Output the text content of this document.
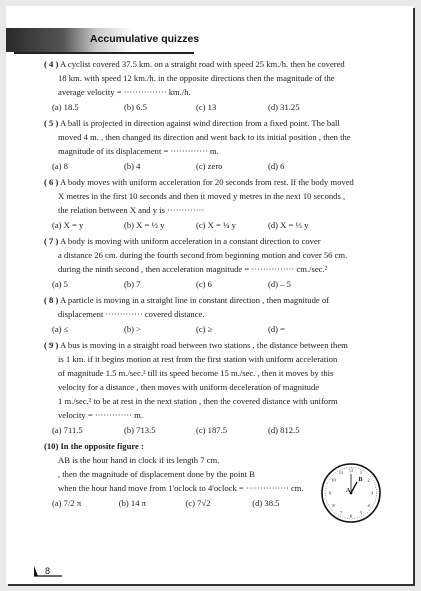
Accumulative quizzes

( 4 ) A cyclist covered 37.5 km. on a straight road with speed 25 km./h. then he covered

18 km. with speed 12 km./h. in the opposite directions then the magnitude of the

average velocity = ··············· km./h.

(a) 18.5	(b) 6.5	(c) 13	(d) 31.25

( 5 ) A ball is projected in direction against wind direction from a fixed point. The ball

moved 4 m. , then changed its direction and went back to its initial position , then the

magnitude of its displacement = ············· m.

(a) 8	(b) 4	(c) zero	(d) 6

( 6 ) A body moves with uniform acceleration for 20 seconds from rest. If the body moved

X metres in the first 10 seconds and then it moved y metres in the next 10 seconds ,

the relation between X and y is ·············

(a) X = y	(b) X = ½ y	(c) X = ¼ y	(d) X = ⅓ y

( 7 ) A body is moving with uniform acceleration in a constant direction to cover

a distance 26 cm. during the fourth second from beginning motion and cover 56 cm.

during the ninth second , then acceleration magnitude = ··············· cm./sec.²

(a) 5	(b) 7	(c) 6	(d) – 5

( 8 ) A particle is moving in a straight line in constant direction , then magnitude of

displacement ············· covered distance.

(a) ≤	(b) >	(c) ≥	(d) =

( 9 ) A bus is moving in a straight road between two stations , the distance between them

is 1 km. if it begins motion at rest from the first station with uniform acceleration

of magnitude 1.5 m./sec.² till its speed become 15 m./sec. , then it moves by this

velocity for a distance , then moves with uniform deceleration of magnitude

1 m./sec.² to be at rest in the next station , then the covered distance with uniform

velocity = ············· m.

(a) 711.5	(b) 713.5	(c) 187.5	(d) 812.5

(10) In the opposite figure :

AB is the hour hand in clock if its length 7 cm.

, then the magnitude of displacement done by the point B

when the hour hand move from 1'oclock to 4'oclock = ··············· cm.

(a) 7/2 π	(b) 14 π	(c) 7√2	(d) 38.5
12 1
2
3
4
5
6
7
8
9
10
11
A
B
8
